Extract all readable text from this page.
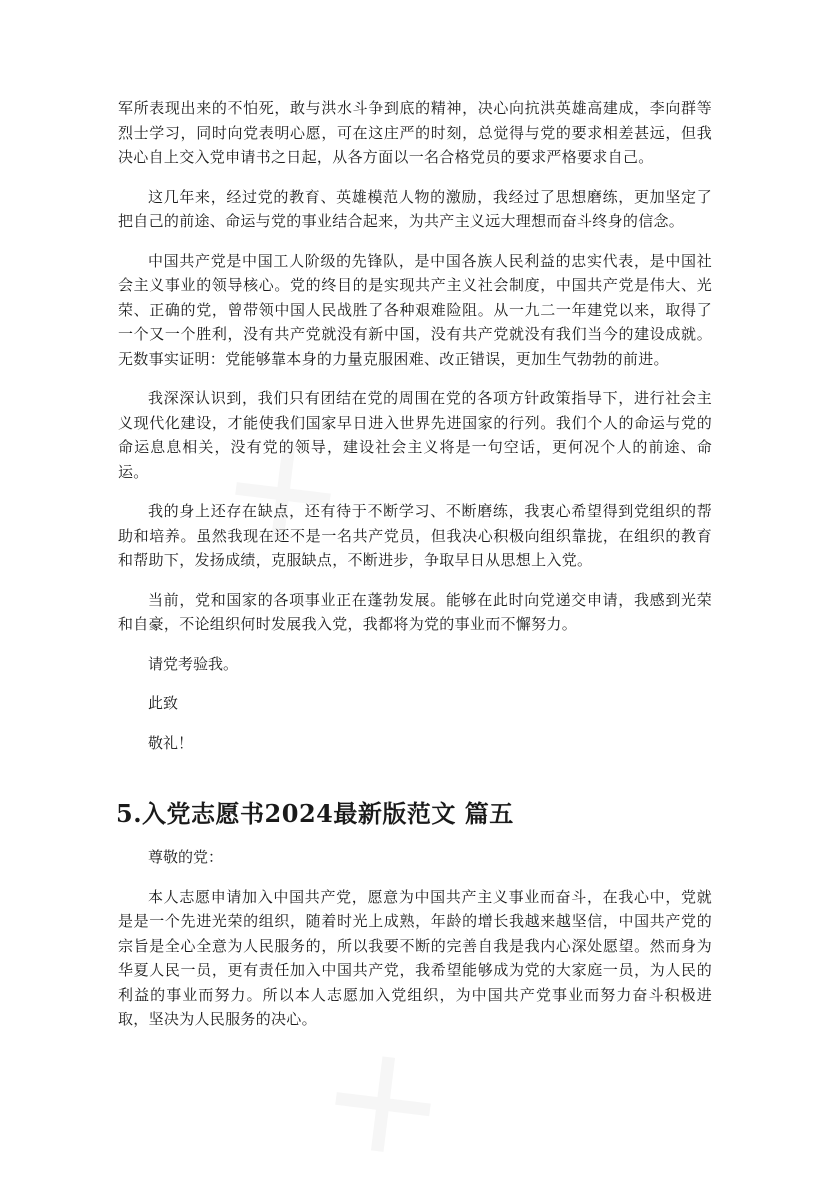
军所表现出来的不怕死，敢与洪水斗争到底的精神，决心向抗洪英雄高建成，李向群等烈士学习，同时向党表明心愿，可在这庄严的时刻，总觉得与党的要求相差甚远，但我决心自上交入党申请书之日起，从各方面以一名合格党员的要求严格要求自己。

这几年来，经过党的教育、英雄模范人物的激励，我经过了思想磨练，更加坚定了把自己的前途、命运与党的事业结合起来，为共产主义远大理想而奋斗终身的信念。

中国共产党是中国工人阶级的先锋队，是中国各族人民利益的忠实代表，是中国社会主义事业的领导核心。党的终目的是实现共产主义社会制度，中国共产党是伟大、光荣、正确的党，曾带领中国人民战胜了各种艰难险阻。从一九二一年建党以来，取得了一个又一个胜利，没有共产党就没有新中国，没有共产党就没有我们当今的建设成就。无数事实证明：党能够靠本身的力量克服困难、改正错误，更加生气勃勃的前进。

我深深认识到，我们只有团结在党的周围在党的各项方针政策指导下，进行社会主义现代化建设，才能使我们国家早日进入世界先进国家的行列。我们个人的命运与党的命运息息相关，没有党的领导，建设社会主义将是一句空话，更何况个人的前途、命运。

我的身上还存在缺点，还有待于不断学习、不断磨练，我衷心希望得到党组织的帮助和培养。虽然我现在还不是一名共产党员，但我决心积极向组织靠拢，在组织的教育和帮助下，发扬成绩，克服缺点，不断进步，争取早日从思想上入党。

当前，党和国家的各项事业正在蓬勃发展。能够在此时向党递交申请，我感到光荣和自豪，不论组织何时发展我入党，我都将为党的事业而不懈努力。

请党考验我。

此致

敬礼！

5.入党志愿书2024最新版范文 篇五

尊敬的党：

本人志愿申请加入中国共产党，愿意为中国共产主义事业而奋斗，在我心中，党就是是一个先进光荣的组织，随着时光上成熟，年龄的增长我越来越坚信，中国共产党的宗旨是全心全意为人民服务的，所以我要不断的完善自我是我内心深处愿望。然而身为华夏人民一员，更有责任加入中国共产党，我希望能够成为党的大家庭一员，为人民的利益的事业而努力。所以本人志愿加入党组织，为中国共产党事业而努力奋斗积极进取，坚决为人民服务的决心。
